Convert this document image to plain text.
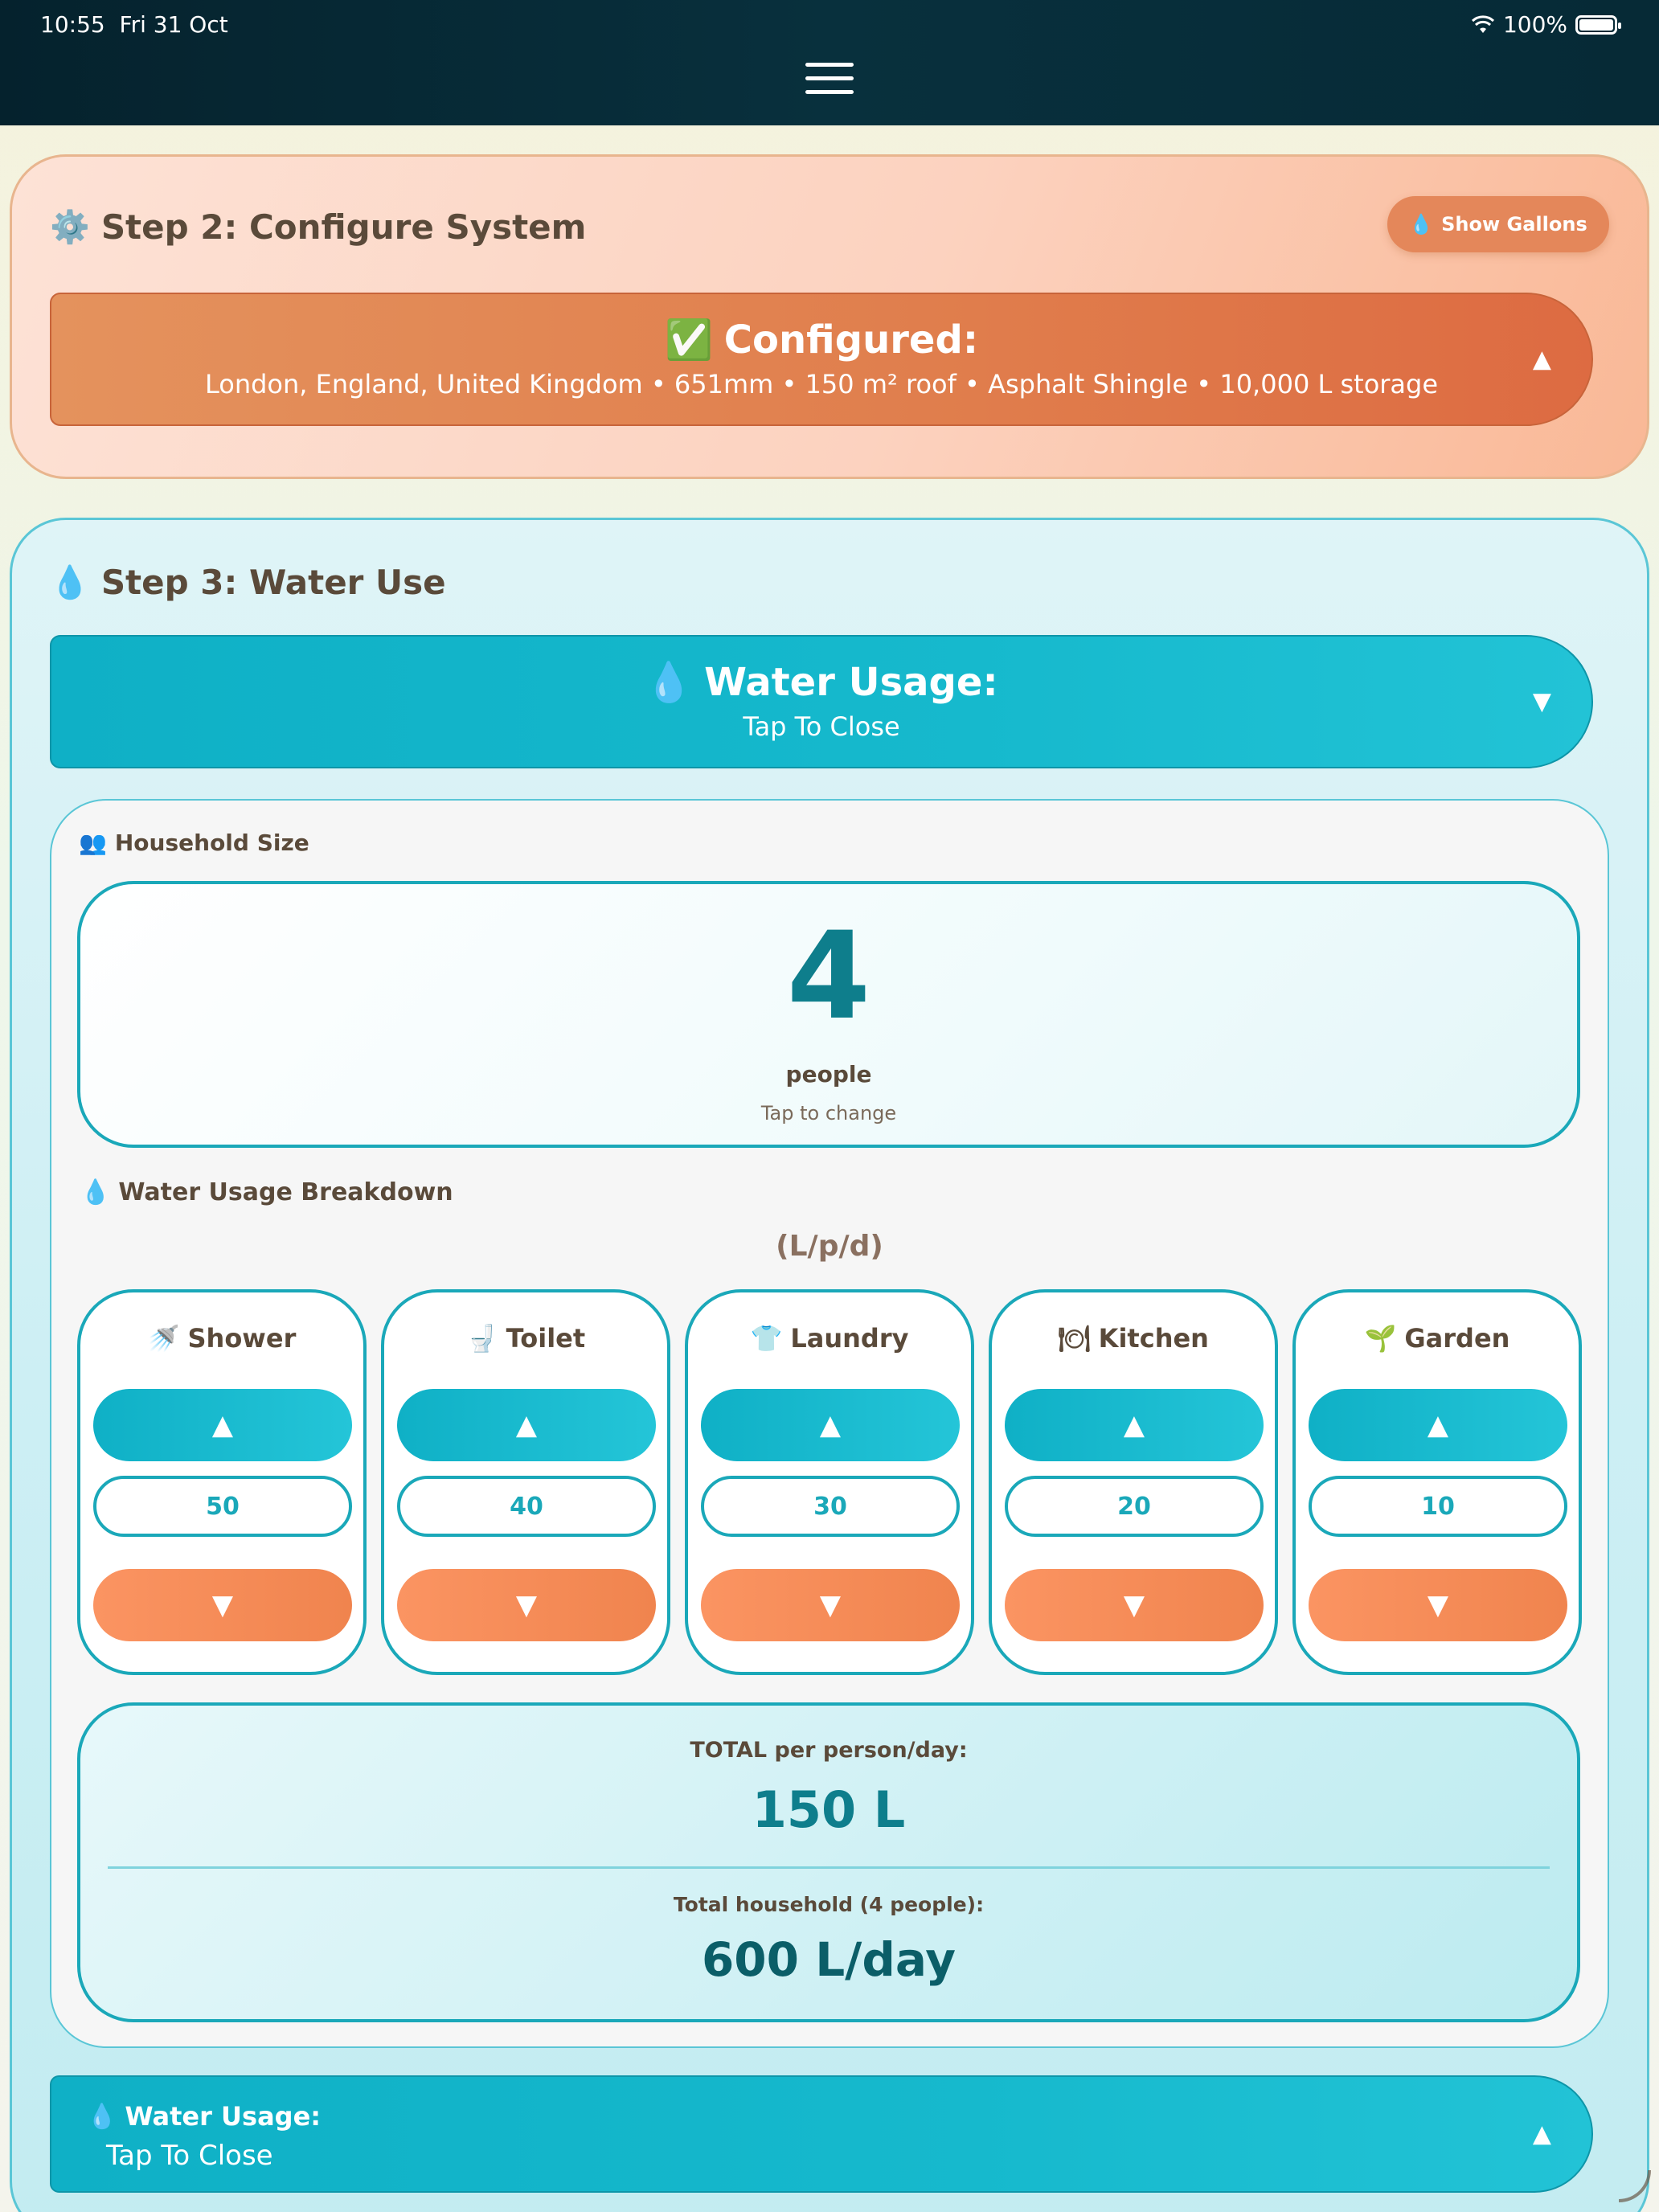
10:55 Fri 31 Oct	100%
⚙️ Step 2: Configure System	💧 Show Gallons
✅ Configured:
London, England, United Kingdom • 651mm • 150 m² roof • Asphalt Shingle • 10,000 L storage
▲
💧 Step 3: Water Use
💧 Water Usage:
Tap To Close
▼
👥 Household Size
4
people
Tap to change
💧 Water Usage Breakdown
(L/p/d)
🚿 Shower
▲
50
▼
🚽 Toilet
▲
40
▼
👕 Laundry
▲
30
▼
🍽 Kitchen
▲
20
▼
🌱 Garden
▲
10
▼
TOTAL per person/day:
150 L
Total household (4 people):
600 L/day
💧 Water Usage:
Tap To Close
▲
